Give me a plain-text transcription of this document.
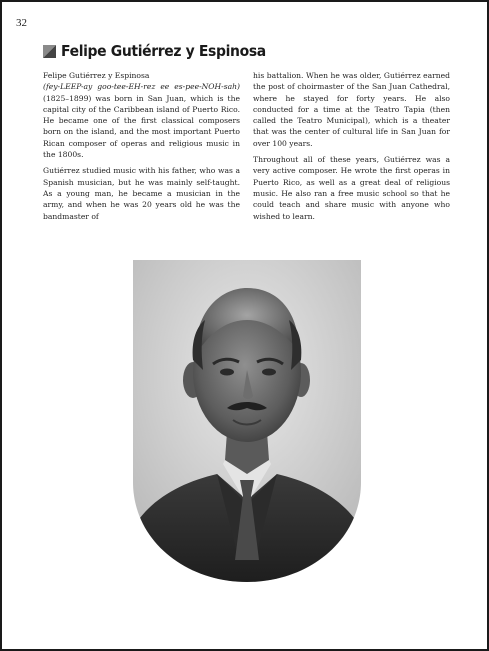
32
Felipe Gutiérrez y Espinosa

Felipe Gutiérrez y Espinosa
(fey-LEEP-ay goo-tee-EH-rez ee es-pee-NOH-sah) (1825–1899) was born in San Juan, which is the capital city of the Caribbean island of Puerto Rico. He became one of the first classical composers born on the island, and the most important Puerto Rican composer of operas and religious music in the 1800s.

Gutiérrez studied music with his father, who was a Spanish musician, but he was mainly self-taught. As a young man, he became a musician in the army, and when he was 20 years old he was the bandmaster of

his battalion. When he was older, Gutiérrez earned the post of choirmaster of the San Juan Cathedral, where he stayed for forty years. He also conducted for a time at the Teatro Tapia (then called the Teatro Municipal), which is a theater that was the center of cultural life in San Juan for over 100 years.

Throughout all of these years, Gutiérrez was a very active composer. He wrote the first operas in Puerto Rico, as well as a great deal of religious music. He also ran a free music school so that he could teach and share music with anyone who wished to learn.
